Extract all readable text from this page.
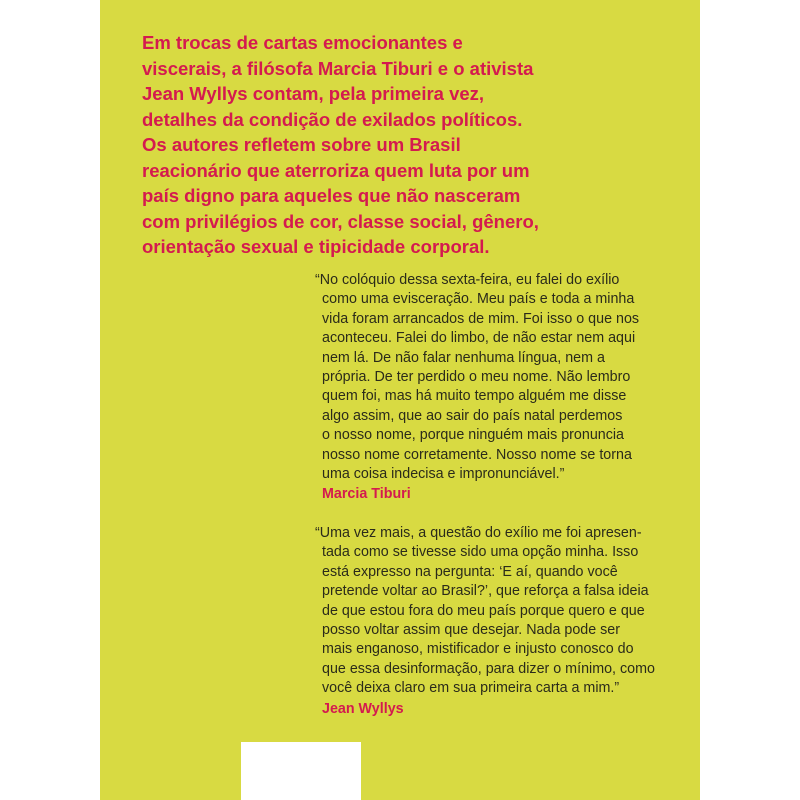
Em trocas de cartas emocionantes e
viscerais, a filósofa Marcia Tiburi e o ativista
Jean Wyllys contam, pela primeira vez,
detalhes da condição de exilados políticos.
Os autores refletem sobre um Brasil
reacionário que aterroriza quem luta por um
país digno para aqueles que não nasceram
com privilégios de cor, classe social, gênero,
orientação sexual e tipicidade corporal.

“No colóquio dessa sexta-feira, eu falei do exílio
como uma evisceração. Meu país e toda a minha
vida foram arrancados de mim. Foi isso o que nos
aconteceu. Falei do limbo, de não estar nem aqui
nem lá. De não falar nenhuma língua, nem a
própria. De ter perdido o meu nome. Não lembro
quem foi, mas há muito tempo alguém me disse
algo assim, que ao sair do país natal perdemos
o nosso nome, porque ninguém mais pronuncia
nosso nome corretamente. Nosso nome se torna
uma coisa indecisa e impronunciável.”
Marcia Tiburi
“Uma vez mais, a questão do exílio me foi apresen-
tada como se tivesse sido uma opção minha. Isso
está expresso na pergunta: ‘E aí, quando você
pretende voltar ao Brasil?’, que reforça a falsa ideia
de que estou fora do meu país porque quero e que
posso voltar assim que desejar. Nada pode ser
mais enganoso, mistificador e injusto conosco do
que essa desinformação, para dizer o mínimo, como
você deixa claro em sua primeira carta a mim.”
Jean Wyllys
